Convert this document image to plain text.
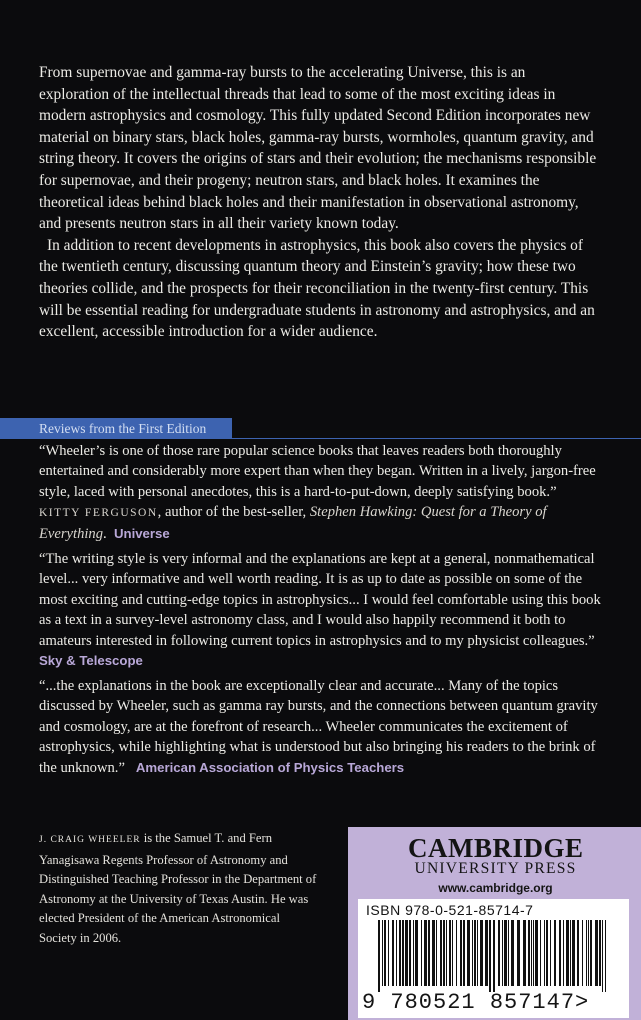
From supernovae and gamma-ray bursts to the accelerating Universe, this is an exploration of the intellectual threads that lead to some of the most exciting ideas in modern astrophysics and cosmology. This fully updated Second Edition incorporates new material on binary stars, black holes, gamma-ray bursts, wormholes, quantum gravity, and string theory. It covers the origins of stars and their evolution; the mechanisms responsible for supernovae, and their progeny; neutron stars, and black holes. It examines the theoretical ideas behind black holes and their manifestation in observational astronomy, and presents neutron stars in all their variety known today.

In addition to recent developments in astrophysics, this book also covers the physics of the twentieth century, discussing quantum theory and Einstein’s gravity; how these two theories collide, and the prospects for their reconciliation in the twenty-first century. This will be essential reading for undergraduate students in astronomy and astrophysics, and an excellent, accessible introduction for a wider audience.

Reviews from the First Edition

“Wheeler’s is one of those rare popular science books that leaves readers both thoroughly entertained and considerably more expert than when they began. Written in a lively, jargon-free style, laced with personal anecdotes, this is a hard-to-put-down, deeply satisfying book.”   KITTY FERGUSON, author of the best-seller, Stephen Hawking: Quest for a Theory of Everything.  Universe

“The writing style is very informal and the explanations are kept at a general, nonmathematical level... very informative and well worth reading. It is as up to date as possible on some of the most exciting and cutting-edge topics in astrophysics... I would feel comfortable using this book as a text in a survey-level astronomy class, and I would also happily recommend it both to amateurs interested in following current topics in astrophysics and to my physicist colleagues.”   Sky & Telescope

“...the explanations in the book are exceptionally clear and accurate... Many of the topics discussed by Wheeler, such as gamma ray bursts, and the connections between quantum gravity and cosmology, are at the forefront of research... Wheeler communicates the excitement of astrophysics, while highlighting what is understood but also bringing his readers to the brink of the unknown.” American Association of Physics Teachers

J. CRAIG WHEELER is the Samuel T. and Fern Yanagisawa Regents Professor of Astronomy and Distinguished Teaching Professor in the Department of Astronomy at the University of Texas Austin. He was elected President of the American Astronomical Society in 2006.

CAMBRIDGE
UNIVERSITY PRESS
www.cambridge.org
ISBN 978-0-521-85714-7
9 780521 857147>
